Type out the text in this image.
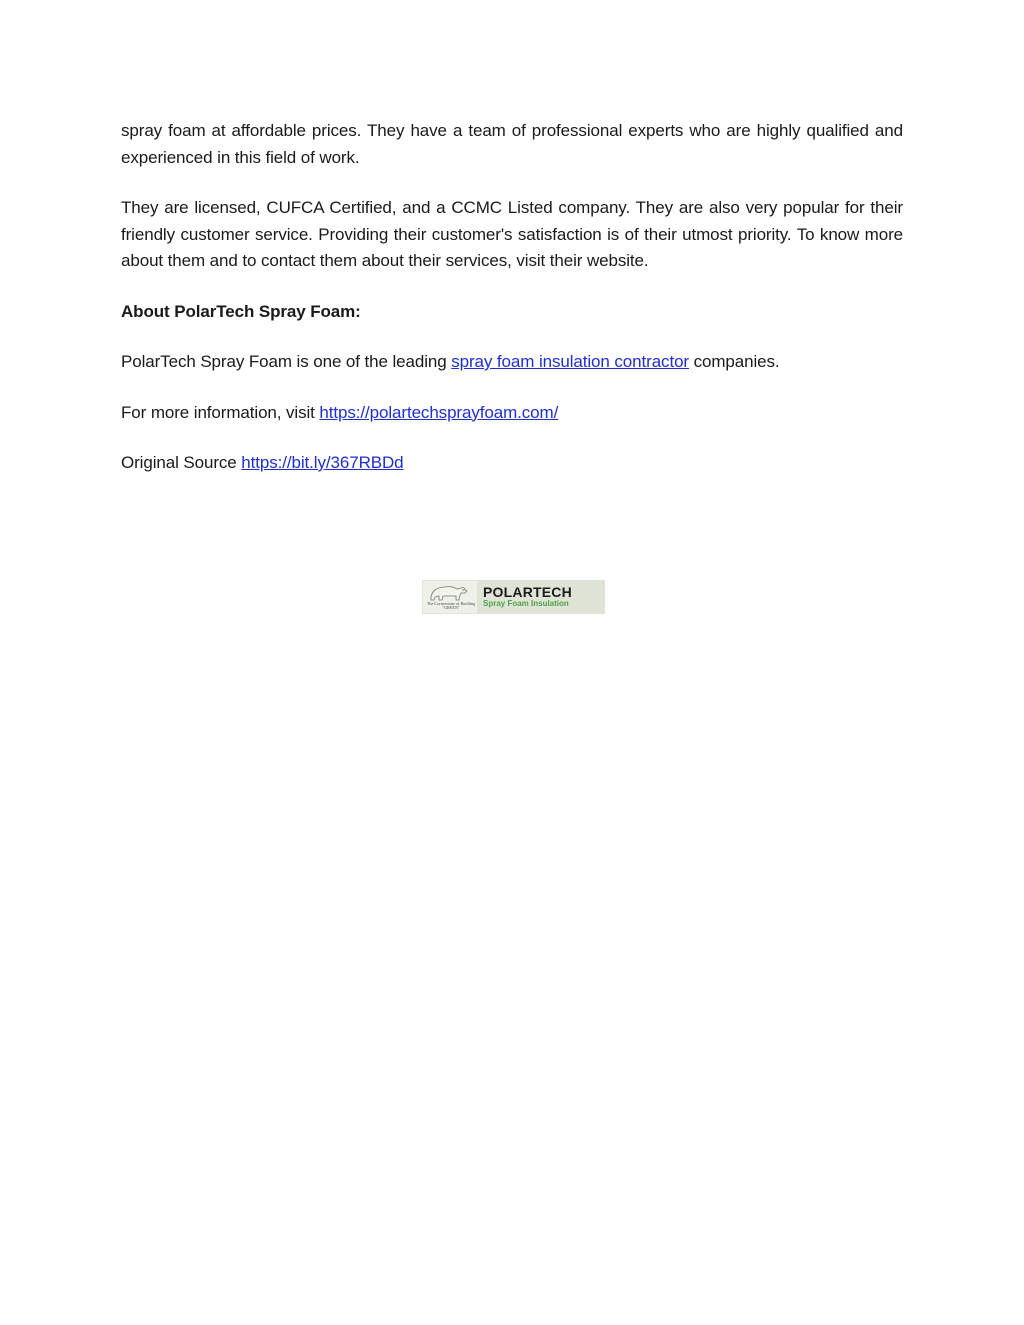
spray foam at affordable prices. They have a team of professional experts who are highly qualified and experienced in this field of work.

They are licensed, CUFCA Certified, and a CCMC Listed company. They are also very popular for their friendly customer service. Providing their customer's satisfaction is of their utmost priority. To know more about them and to contact them about their services, visit their website.

About PolarTech Spray Foam:

PolarTech Spray Foam is one of the leading spray foam insulation contractor companies.

For more information, visit https://polartechsprayfoam.com/

Original Source https://bit.ly/367RBDd

The Cornerstone of Building "GREEN"
POLARTECH
Spray Foam Insulation
